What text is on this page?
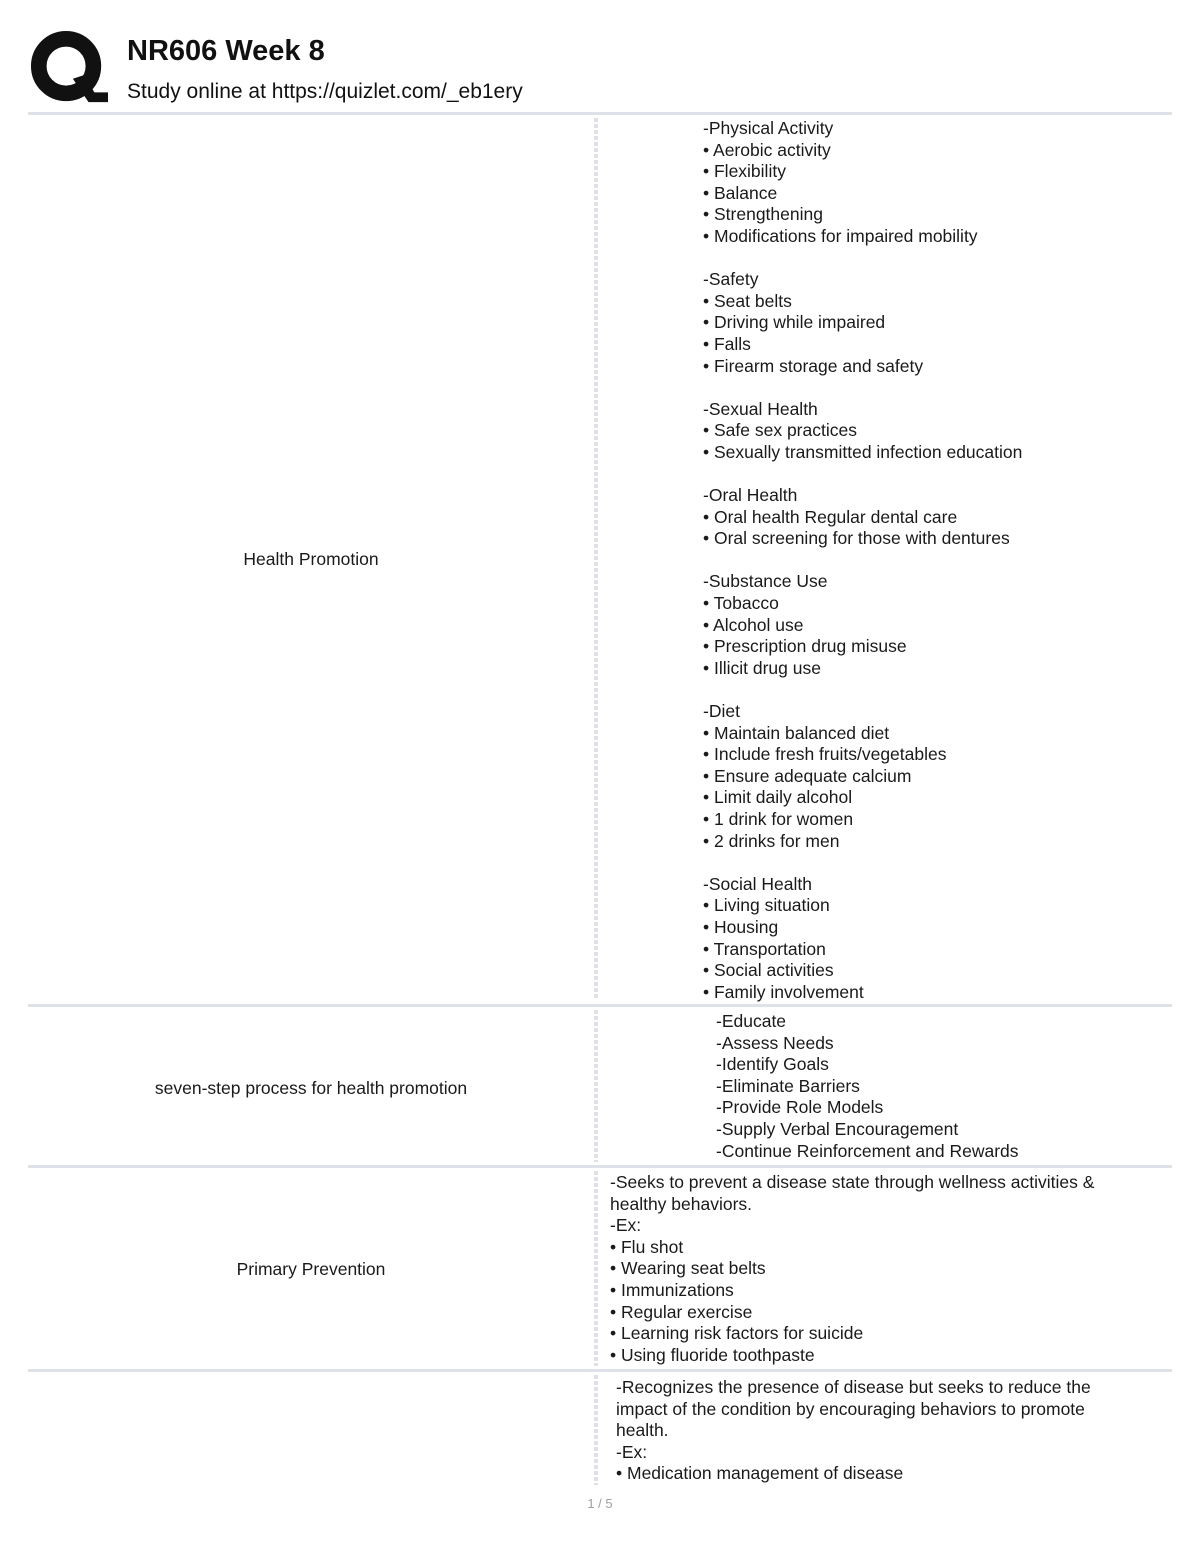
NR606 Week 8
Study online at https://quizlet.com/_eb1ery
Health Promotion
-Physical Activity
• Aerobic activity
• Flexibility
• Balance
• Strengthening
• Modifications for impaired mobility
-Safety
• Seat belts
• Driving while impaired
• Falls
• Firearm storage and safety
-Sexual Health
• Safe sex practices
• Sexually transmitted infection education
-Oral Health
• Oral health Regular dental care
• Oral screening for those with dentures
-Substance Use
• Tobacco
• Alcohol use
• Prescription drug misuse
• Illicit drug use
-Diet
• Maintain balanced diet
• Include fresh fruits/vegetables
• Ensure adequate calcium
• Limit daily alcohol
• 1 drink for women
• 2 drinks for men
-Social Health
• Living situation
• Housing
• Transportation
• Social activities
• Family involvement
seven-step process for health promotion
-Educate
-Assess Needs
-Identify Goals
-Eliminate Barriers
-Provide Role Models
-Supply Verbal Encouragement
-Continue Reinforcement and Rewards
Primary Prevention
-Seeks to prevent a disease state through wellness activities &
healthy behaviors.
-Ex:
• Flu shot
• Wearing seat belts
• Immunizations
• Regular exercise
• Learning risk factors for suicide
• Using fluoride toothpaste
-Recognizes the presence of disease but seeks to reduce the
impact of the condition by encouraging behaviors to promote
health.
-Ex:
• Medication management of disease
1 / 5
